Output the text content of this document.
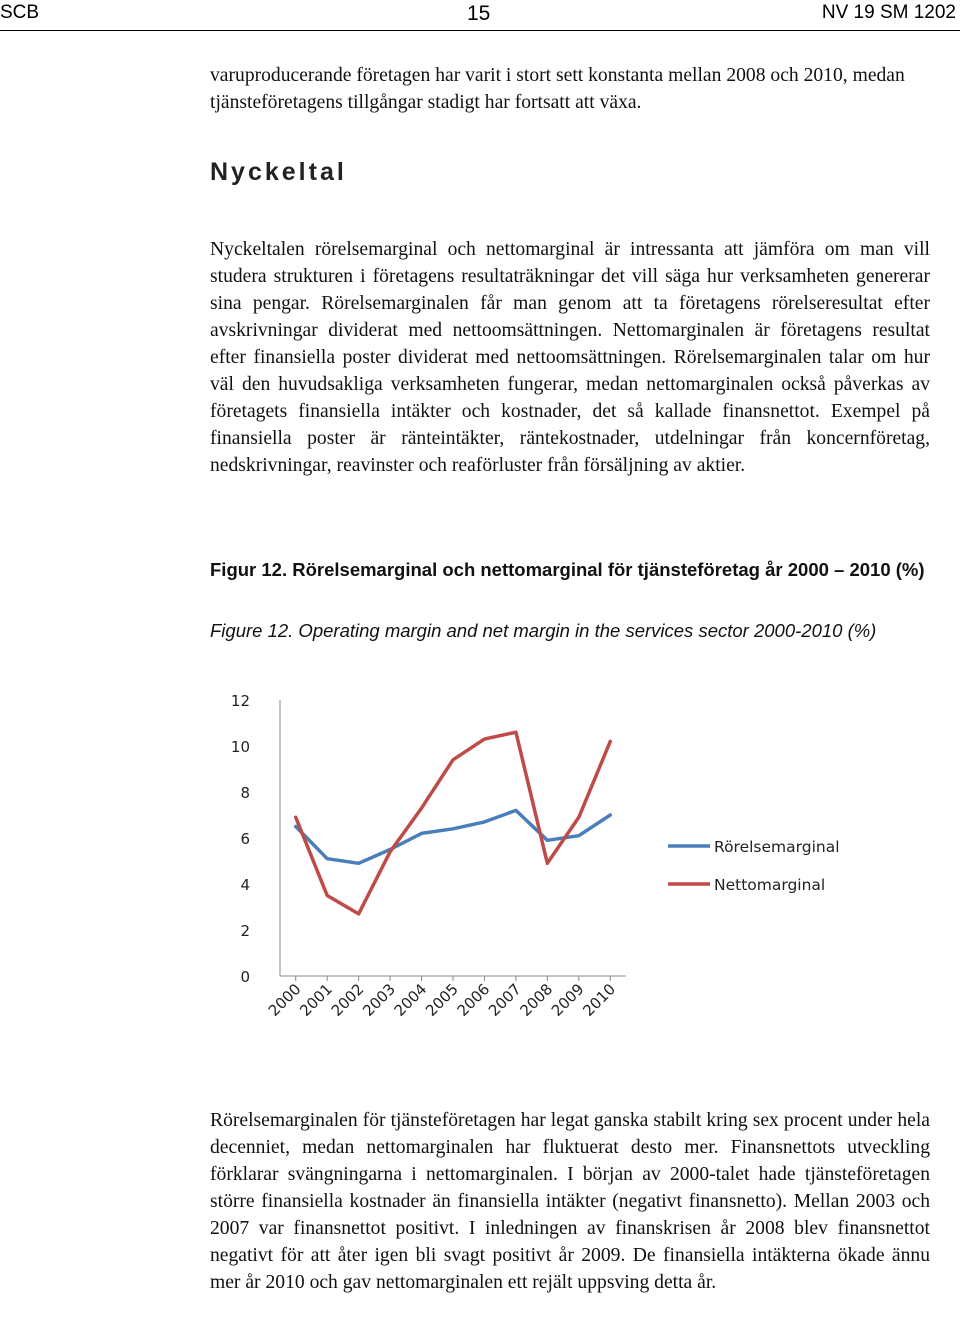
SCB	15	NV 19 SM 1202
varuproducerande företagen har varit i stort sett konstanta mellan 2008 och 2010, medan tjänsteföretagens tillgångar stadigt har fortsatt att växa.
Nyckeltal
Nyckeltalen rörelsemarginal och nettomarginal är intressanta att jämföra om man vill studera strukturen i företagens resultaträkningar det vill säga hur verksamheten genererar sina pengar. Rörelsemarginalen får man genom att ta företagens rörelseresultat efter avskrivningar dividerat med nettoomsättningen. Nettomarginalen är företagens resultat efter finansiella poster dividerat med nettoomsättningen. Rörelsemarginalen talar om hur väl den huvudsakliga verksamheten fungerar, medan nettomarginalen också påverkas av företagets finansiella intäkter och kostnader, det så kallade finansnettot. Exempel på finansiella poster är ränteintäkter, räntekostnader, utdelningar från koncernföretag, nedskrivningar, reavinster och reaförluster från försäljning av aktier.
Figur 12. Rörelsemarginal och nettomarginal för tjänsteföretag år 2000 – 2010 (%)
Figure 12. Operating margin and net margin in the services sector 2000-2010 (%)
0
2
4
6
8
10
12
2000
2001
2002
2003
2004
2005
2006
2007
2008
2009
2010
Rörelsemarginal
Nettomarginal
Rörelsemarginalen för tjänsteföretagen har legat ganska stabilt kring sex procent under hela decenniet, medan nettomarginalen har fluktuerat desto mer. Finansnettots utveckling förklarar svängningarna i nettomarginalen. I början av 2000-talet hade tjänsteföretagen större finansiella kostnader än finansiella intäkter (negativt finansnetto). Mellan 2003 och 2007 var finansnettot positivt. I inledningen av finanskrisen år 2008 blev finansnettot negativt för att åter igen bli svagt positivt år 2009. De finansiella intäkterna ökade ännu mer år 2010 och gav nettomarginalen ett rejält uppsving detta år.
